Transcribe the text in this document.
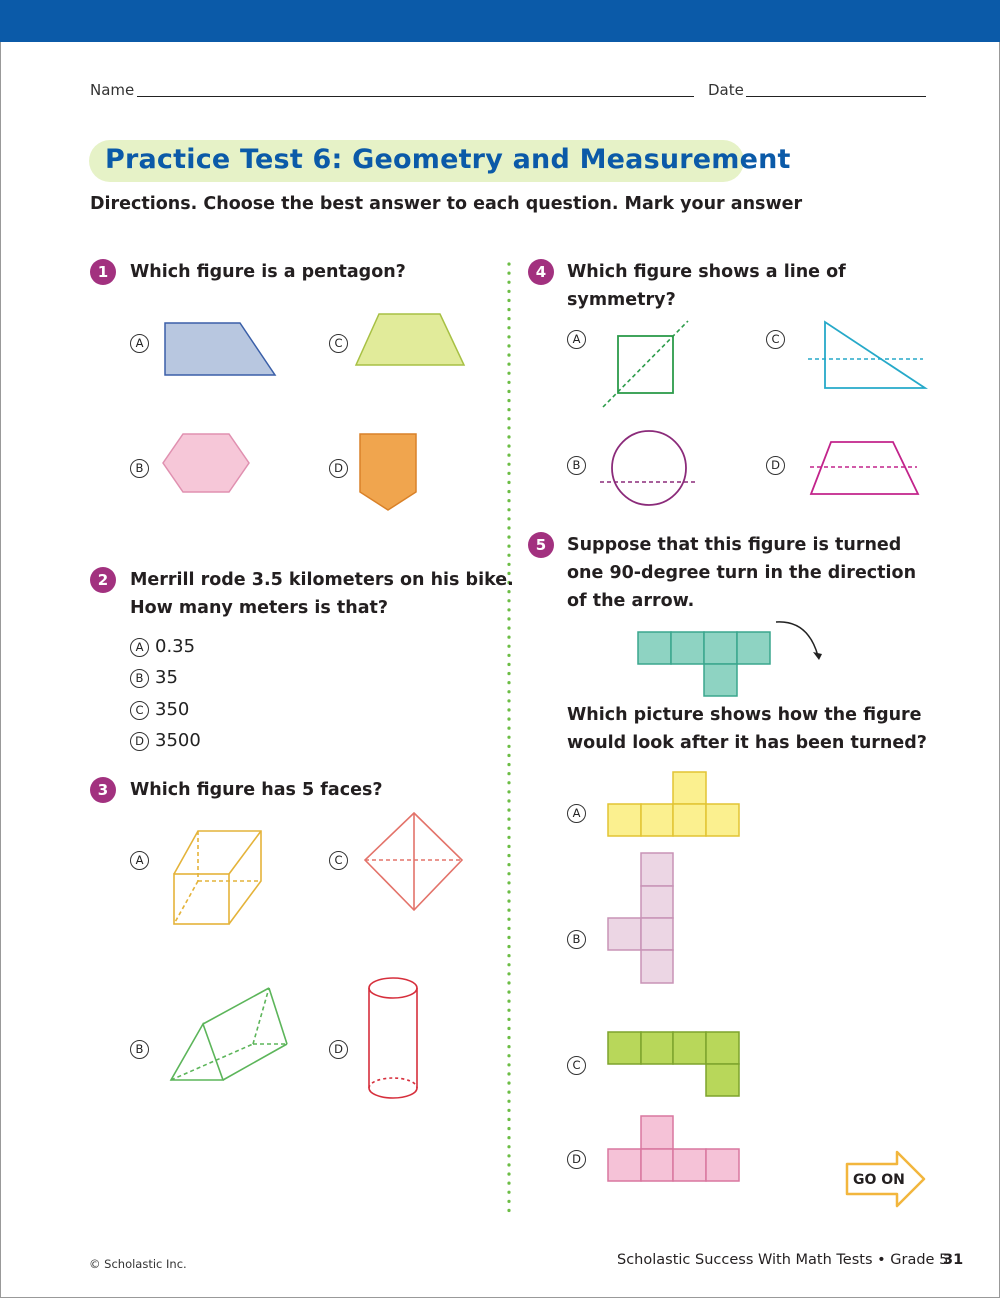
Name	Date
Practice Test 6: Geometry and Measurement
Directions. Choose the best answer to each question. Mark your answer
1	Which figure is a pentagon?
A
B
C
D
2	Merrill rode 3.5 kilometers on his bike.
How many meters is that?
A 0.35
B 35
C 350
D 3500
3	Which figure has 5 faces?
A
B
C
D
4	Which figure shows a line of
symmetry?
A
B
C
D
5	Suppose that this figure is turned
one 90-degree turn in the direction
of the arrow.
Which picture shows how the figure
would look after it has been turned?
A
B
C
D
GO ON
© Scholastic Inc.	Scholastic Success With Math Tests • Grade 5
31
